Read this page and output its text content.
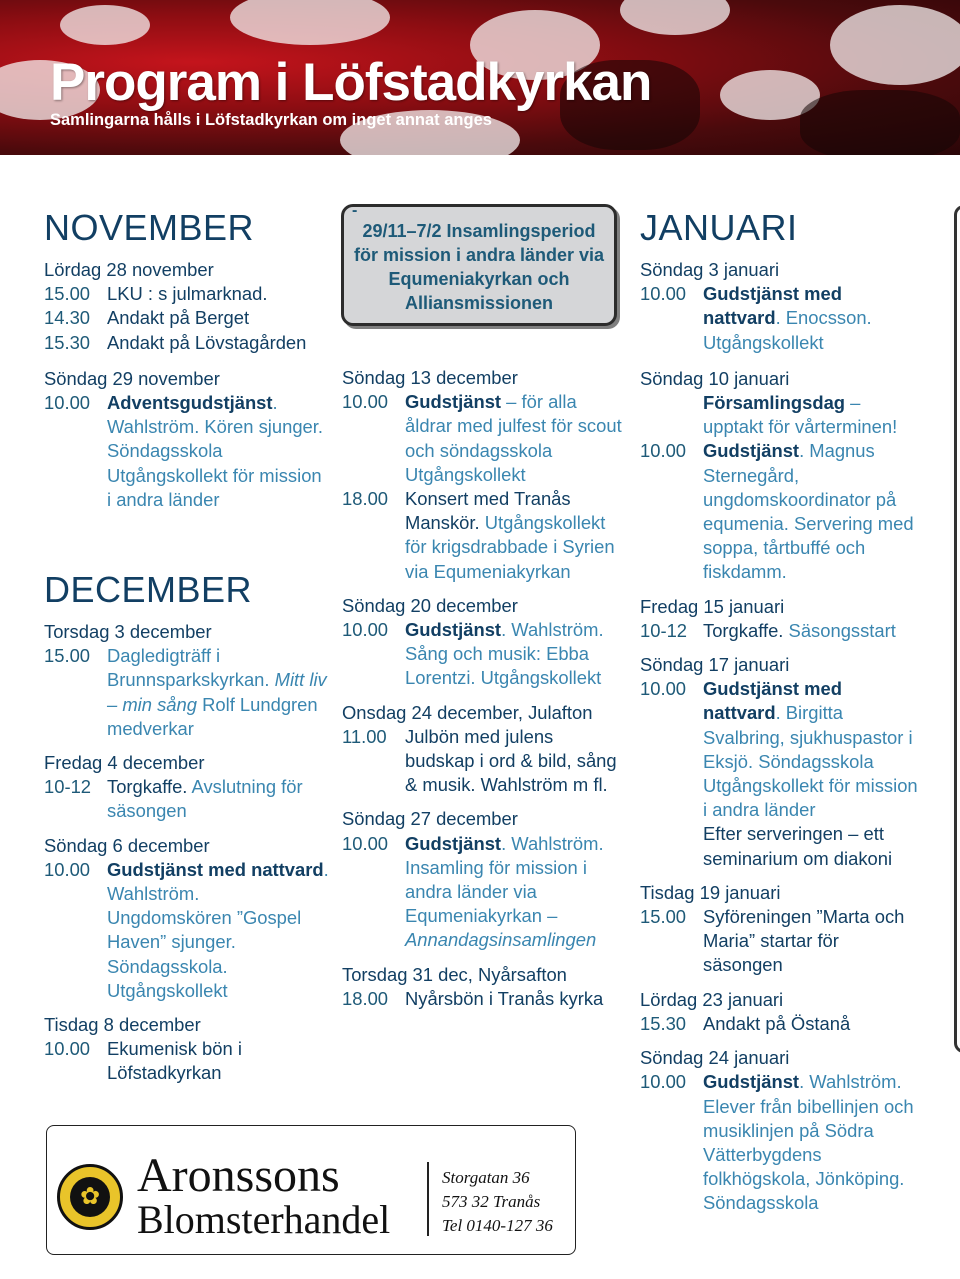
Program i Löfstadkyrkan

Samlingarna hålls i Löfstadkyrkan om inget annat anges

NOVEMBER
Lördag 28 november
15.00 LKU : s julmarknad.
14.30 Andakt på Berget
15.30 Andakt på Lövstagården
Söndag 29 november
10.00 Adventsgudstjänst. Wahlström. Kören sjunger. Söndagsskola
Utgångskollekt för mission i andra länder
DECEMBER
Torsdag 3 december
15.00 Dagledigträff i Brunnsparkskyrkan. Mitt liv – min sång Rolf Lundgren medverkar
Fredag 4 december
10-12 Torgkaffe. Avslutning för säsongen
Söndag 6 december
10.00 Gudstjänst med nattvard. Wahlström. Ungdomskören ”Gospel Haven” sjunger. Söndagsskola. Utgångskollekt
Tisdag 8 december
10.00 Ekumenisk bön i Löfstadkyrkan
-
29/11–7/2 Insamlingsperiod för mission i andra länder via Equmeniakyrkan och Alliansmissionen
Söndag 13 december
10.00 Gudstjänst – för alla åldrar med julfest för scout och söndagsskola Utgångskollekt
18.00 Konsert med Tranås Manskör. Utgångskollekt för krigsdrabbade i Syrien via Equmeniakyrkan
Söndag 20 december
10.00 Gudstjänst. Wahlström. Sång och musik: Ebba Lorentzi. Utgångskollekt
Onsdag 24 december, Julafton
11.00 Julbön med julens budskap i ord & bild, sång & musik. Wahlström m fl.
Söndag 27 december
10.00 Gudstjänst. Wahlström. Insamling för mission i andra länder via Equmeniakyrkan – Annandagsinsamlingen
Torsdag 31 dec, Nyårsafton
18.00 Nyårsbön i Tranås kyrka
JANUARI
Söndag 3 januari
10.00 Gudstjänst med nattvard. Enocsson. Utgångskollekt
Söndag 10 januari
Församlingsdag – upptakt för vårterminen!
10.00 Gudstjänst. Magnus Sternegård, ungdomskoordinator på equmenia. Servering med soppa, tårtbuffé och fiskdamm.
Fredag 15 januari
10-12 Torgkaffe. Säsongsstart
Söndag 17 januari
10.00 Gudstjänst med nattvard. Birgitta Svalbring, sjukhuspastor i Eksjö. Söndagsskola Utgångskollekt för mission i andra länder
Efter serveringen – ett seminarium om diakoni
Tisdag 19 januari
15.00 Syföreningen ”Marta och Maria” startar för säsongen
Lördag 23 januari
15.30 Andakt på Östanå
Söndag 24 januari
10.00 Gudstjänst. Wahlström. Elever från bibellinjen och musiklinjen på Södra Vätterbygdens folkhögskola, Jönköping. Söndagsskola
✿ Aronssons
Blomsterhandel
Storgatan 36
573 32 Tranås
Tel 0140-127 36
